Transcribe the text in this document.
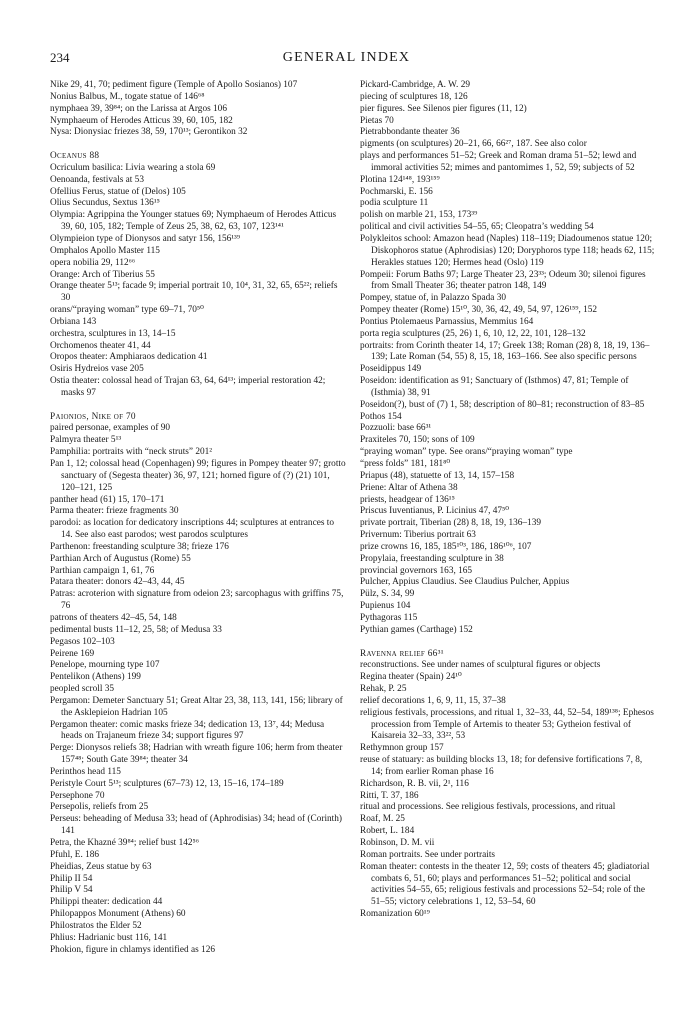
234	GENERAL INDEX

Nike 29, 41, 70; pediment figure (Temple of Apollo Sosianos) 107

Nonius Balbus, M., togate statue of 146⁶⁸

nymphaea 39, 39⁸⁴; on the Larissa at Argos 106

Nymphaeum of Herodes Atticus 39, 60, 105, 182

Nysa: Dionysiac friezes 38, 59, 170¹³; Gerontikon 32

Oceanus 88

Ocriculum basilica: Livia wearing a stola 69

Oenoanda, festivals at 53

Ofellius Ferus, statue of (Delos) 105

Olius Secundus, Sextus 136¹⁵

Olympia: Agrippina the Younger statues 69; Nymphaeum of Herodes Atticus 39, 60, 105, 182; Temple of Zeus 25, 38, 62, 63, 107, 123¹⁴¹

Olympieion type of Dionysos and satyr 156, 156¹³⁹

Omphalos Apollo Master 115

opera nobilia 29, 112⁶⁶

Orange: Arch of Tiberius 55

Orange theater 5¹³; facade 9; imperial portrait 10, 10⁴, 31, 32, 65, 65²²; reliefs 30

orans/“praying woman” type 69–71, 70⁵⁰

Orbiana 143

orchestra, sculptures in 13, 14–15

Orchomenos theater 41, 44

Oropos theater: Amphiaraos dedication 41

Osiris Hydreios vase 205

Ostia theater: colossal head of Trajan 63, 64, 64¹³; imperial restoration 42; masks 97

Paionios, Nike of 70

paired personae, examples of 90

Palmyra theater 5¹³

Pamphilia: portraits with “neck struts” 201²

Pan 1, 12; colossal head (Copenhagen) 99; figures in Pompey theater 97; grotto sanctuary of (Segesta theater) 36, 97, 121; horned figure of (?) (21) 101, 120–121, 125

panther head (61) 15, 170–171

Parma theater: frieze fragments 30

parodoi: as location for dedicatory inscriptions 44; sculptures at entrances to 14. See also east parodos; west parodos sculptures

Parthenon: freestanding sculpture 38; frieze 176

Parthian Arch of Augustus (Rome) 55

Parthian campaign 1, 61, 76

Patara theater: donors 42–43, 44, 45

Patras: acroterion with signature from odeion 23; sarcophagus with griffins 75, 76

patrons of theaters 42–45, 54, 148

pedimental busts 11–12, 25, 58; of Medusa 33

Pegasos 102–103

Peirene 169

Penelope, mourning type 107

Pentelikon (Athens) 199

peopled scroll 35

Pergamon: Demeter Sanctuary 51; Great Altar 23, 38, 113, 141, 156; library of the Asklepieion Hadrian 105

Pergamon theater: comic masks frieze 34; dedication 13, 13⁷, 44; Medusa heads on Trajaneum frieze 34; support figures 97

Perge: Dionysos reliefs 38; Hadrian with wreath figure 106; herm from theater 157⁴⁸; South Gate 39⁸⁴; theater 34

Perinthos head 115

Peristyle Court 5¹³; sculptures (67–73) 12, 13, 15–16, 174–189

Persephone 70

Persepolis, reliefs from 25

Perseus: beheading of Medusa 33; head of (Aphrodisias) 34; head of (Corinth) 141

Petra, the Khazné 39⁸⁴; relief bust 142⁵⁶

Pfuhl, E. 186

Pheidias, Zeus statue by 63

Philip II 54

Philip V 54

Philippi theater: dedication 44

Philopappos Monument (Athens) 60

Philostratos the Elder 52

Phlius: Hadrianic bust 116, 141

Phokion, figure in chlamys identified as 126

Pickard-Cambridge, A. W. 29

piecing of sculptures 18, 126

pier figures. See Silenos pier figures (11, 12)

Pietas 70

Pietrabbondante theater 36

pigments (on sculptures) 20–21, 66, 66²⁷, 187. See also color

plays and performances 51–52; Greek and Roman drama 51–52; lewd and immoral activities 52; mimes and pantomimes 1, 52, 59; subjects of 52

Plotina 124¹⁴⁸, 193¹⁵⁹

Pochmarski, E. 156

podia sculpture 11

polish on marble 21, 153, 173³⁹

political and civil activities 54–55, 65; Cleopatra’s wedding 54

Polykleitos school: Amazon head (Naples) 118–119; Diadoumenos statue 120; Diskophoros statue (Aphrodisias) 120; Doryphoros type 118; heads 62, 115; Herakles statues 120; Hermes head (Oslo) 119

Pompeii: Forum Baths 97; Large Theater 23, 23³³; Odeum 30; silenoi figures from Small Theater 36; theater patron 148, 149

Pompey, statue of, in Palazzo Spada 30

Pompey theater (Rome) 15¹⁰, 30, 36, 42, 49, 54, 97, 126¹⁵⁹, 152

Pontius Ptolemaeus Parnassius, Memmius 164

porta regia sculptures (25, 26) 1, 6, 10, 12, 22, 101, 128–132

portraits: from Corinth theater 14, 17; Greek 138; Roman (28) 8, 18, 19, 136–139; Late Roman (54, 55) 8, 15, 18, 163–166. See also specific persons

Poseidippus 149

Poseidon: identification as 91; Sanctuary of (Isthmos) 47, 81; Temple of (Isthmia) 38, 91

Poseidon(?), bust of (7) 1, 58; description of 80–81; reconstruction of 83–85

Pothos 154

Pozzuoli: base 66³¹

Praxiteles 70, 150; sons of 109

“praying woman” type. See orans/“praying woman” type

“press folds” 181, 181⁸⁰

Priapus (48), statuette of 13, 14, 157–158

Priene: Altar of Athena 38

priests, headgear of 136¹⁵

Priscus Iuventianus, P. Licinius 47, 47⁵⁰

private portrait, Tiberian (28) 8, 18, 19, 136–139

Privernum: Tiberius portrait 63

prize crowns 16, 185, 185¹⁰³, 186, 186¹⁰⁶, 107

Propylaia, freestanding sculpture in 38

provincial governors 163, 165

Pulcher, Appius Claudius. See Claudius Pulcher, Appius

Pülz, S. 34, 99

Pupienus 104

Pythagoras 115

Pythian games (Carthage) 152

Ravenna relief 66³¹

reconstructions. See under names of sculptural figures or objects

Regina theater (Spain) 24¹⁰

Rehak, P. 25

relief decorations 1, 6, 9, 11, 15, 37–38

religious festivals, processions, and ritual 1, 32–33, 44, 52–54, 189¹³⁸; Ephesos procession from Temple of Artemis to theater 53; Gytheion festival of Kaisareia 32–33, 33²², 53

Rethymnon group 157

reuse of statuary: as building blocks 13, 18; for defensive fortifications 7, 8, 14; from earlier Roman phase 16

Richardson, R. B. vii, 2¹, 116

Ritti, T. 37, 186

ritual and processions. See religious festivals, processions, and ritual

Roaf, M. 25

Robert, L. 184

Robinson, D. M. vii

Roman portraits. See under portraits

Roman theater: contests in the theater 12, 59; costs of theaters 45; gladiatorial combats 6, 51, 60; plays and performances 51–52; political and social activities 54–55, 65; religious festivals and processions 52–54; role of the 51–55; victory celebrations 1, 12, 53–54, 60

Romanization 60¹⁹
